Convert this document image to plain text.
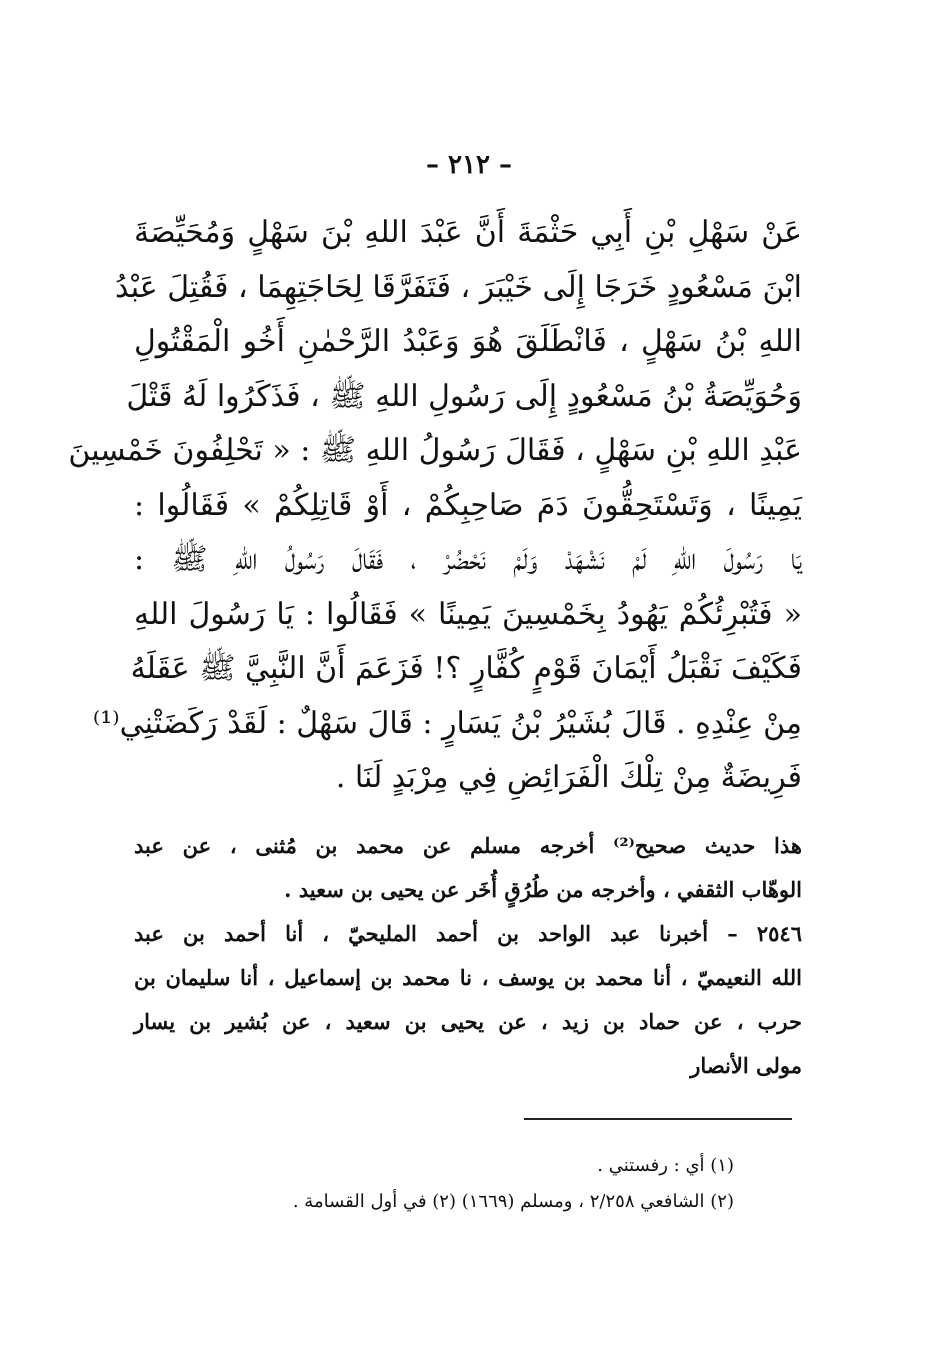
– ٢١٢ –
عَنْ سَهْلِ بْنِ أَبِي حَثْمَةَ أَنَّ عَبْدَ اللهِ بْنَ سَهْلٍ وَمُحَيِّصَةَ
ابْنَ مَسْعُودٍ خَرَجَا إِلَى خَيْبَرَ ، فَتَفَرَّقَا لِحَاجَتِهِمَا ، فَقُتِلَ عَبْدُ
اللهِ بْنُ سَهْلٍ ، فَانْطَلَقَ هُوَ وَعَبْدُ الرَّحْمٰنِ أَخُو الْمَقْتُولِ
وَحُوَيِّصَةُ بْنُ مَسْعُودٍ إِلَى رَسُولِ اللهِ ﷺ ، فَذَكَرُوا لَهُ قَتْلَ
عَبْدِ اللهِ بْنِ سَهْلٍ ، فَقَالَ رَسُولُ اللهِ ﷺ : « تَحْلِفُونَ خَمْسِينَ
يَمِينًا ، وَتَسْتَحِقُّونَ دَمَ صَاحِبِكُمْ ، أَوْ قَاتِلِكُمْ » فَقَالُوا :
يَا رَسُولَ اللهِ لَمْ نَشْهَدْ وَلَمْ نَحْضُرْ ، فَقَالَ رَسُولُ اللهِ ﷺ :
« فَتُبْرِئُكُمْ يَهُودُ بِخَمْسِينَ يَمِينًا » فَقَالُوا : يَا رَسُولَ اللهِ
فَكَيْفَ نَقْبَلُ أَيْمَانَ قَوْمٍ كُفَّارٍ ؟! فَزَعَمَ أَنَّ النَّبِيَّ ﷺ عَقَلَهُ
مِنْ عِنْدِهِ . قَالَ بُشَيْرُ بْنُ يَسَارٍ : قَالَ سَهْلٌ : لَقَدْ رَكَضَتْنِي⁽¹⁾
فَرِيضَةٌ مِنْ تِلْكَ الْفَرَائِضِ فِي مِرْبَدٍ لَنَا .
هذا حديث صحيح⁽²⁾ أخرجه مسلم عن محمد بن مُثنى ، عن عبد
الوهّاب الثقفي ، وأخرجه من طُرُقٍ أُخَر عن يحيى بن سعيد .
٢٥٤٦ – أخبرنا عبد الواحد بن أحمد المليحيّ ، أنا أحمد بن عبد
الله النعيميّ ، أنا محمد بن يوسف ، نا محمد بن إسماعيل ، أنا سليمان بن
حرب ، عن حماد بن زيد ، عن يحيى بن سعيد ، عن بُشير بن يسار
مولى الأنصار
(١) أي : رفستني .
(٢) الشافعي ٢/٢٥٨ ، ومسلم (١٦٦٩) (٢) في أول القسامة .
